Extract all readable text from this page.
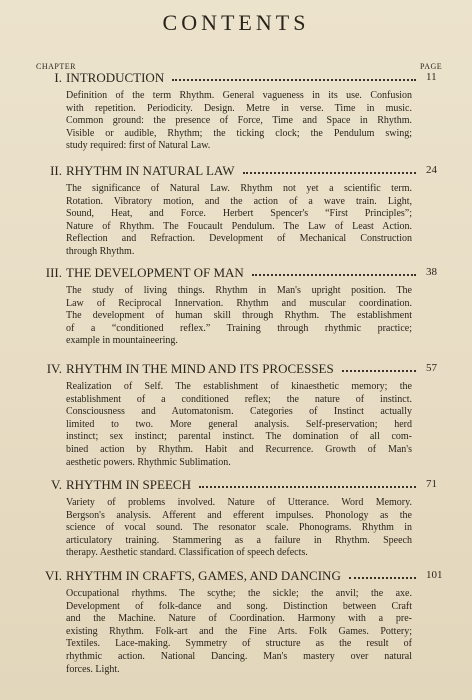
CONTENTS
CHAPTER	PAGE
I. INTRODUCTION	11
Definition of the term Rhythm. General vagueness in its use. Confusion
with repetition. Periodicity. Design. Metre in verse. Time in music.
Common ground: the presence of Force, Time and Space in Rhythm.
Visible or audible, Rhythm; the ticking clock; the Pendulum swing;
study required: first of Natural Law.
II. RHYTHM IN NATURAL LAW	24
The significance of Natural Law. Rhythm not yet a scientific term.
Rotation. Vibratory motion, and the action of a wave train. Light,
Sound, Heat, and Force. Herbert Spencer's “First Principles”;
Nature of Rhythm. The Foucault Pendulum. The Law of Least Action.
Reflection and Refraction. Development of Mechanical Construction
through Rhythm.
III. THE DEVELOPMENT OF MAN	38
The study of living things. Rhythm in Man's upright position. The
Law of Reciprocal Innervation. Rhythm and muscular coordination.
The development of human skill through Rhythm. The establishment
of a “conditioned reflex.” Training through rhythmic practice;
example in mountaineering.
IV. RHYTHM IN THE MIND AND ITS PROCESSES	57
Realization of Self. The establishment of kinaesthetic memory; the
establishment of a conditioned reflex; the nature of instinct.
Consciousness and Automatonism. Categories of Instinct actually
limited to two. More general analysis. Self-preservation; herd
instinct; sex instinct; parental instinct. The domination of all com-
bined action by Rhythm. Habit and Recurrence. Growth of Man's
aesthetic powers. Rhythmic Sublimation.
V. RHYTHM IN SPEECH	71
Variety of problems involved. Nature of Utterance. Word Memory.
Bergson's analysis. Afferent and efferent impulses. Phonology as the
science of vocal sound. The resonator scale. Phonograms. Rhythm in
articulatory training. Stammering as a failure in Rhythm. Speech
therapy. Aesthetic standard. Classification of speech defects.
VI. RHYTHM IN CRAFTS, GAMES, AND DANCING	101
Occupational rhythms. The scythe; the sickle; the anvil; the axe.
Development of folk-dance and song. Distinction between Craft
and the Machine. Nature of Coordination. Harmony with a pre-
existing Rhythm. Folk-art and the Fine Arts. Folk Games. Pottery;
Textiles. Lace-making. Symmetry of structure as the result of
rhythmic action. National Dancing. Man's mastery over natural
forces. Light.
